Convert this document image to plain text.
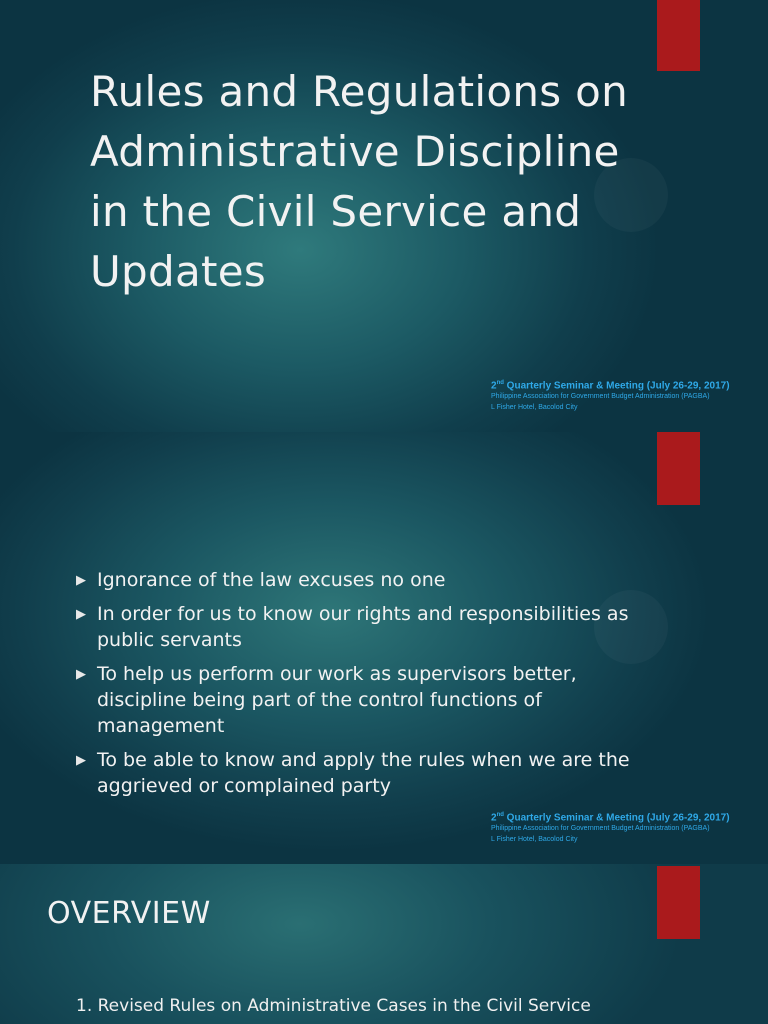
Rules and Regulations on Administrative Discipline in the Civil Service and Updates
2nd Quarterly Seminar & Meeting (July 26-29, 2017)
Philippine Association for Government Budget Administration (PAGBA)
L Fisher Hotel, Bacolod City
▶ Ignorance of the law excuses no one
▶ In order for us to know our rights and responsibilities as public servants
▶ To help us perform our work as supervisors better, discipline being part of the control functions of management
▶ To be able to know and apply the rules when we are the aggrieved or complained party
2nd Quarterly Seminar & Meeting (July 26-29, 2017)
Philippine Association for Government Budget Administration (PAGBA)
L Fisher Hotel, Bacolod City
OVERVIEW
1. Revised Rules on Administrative Cases in the Civil Service
